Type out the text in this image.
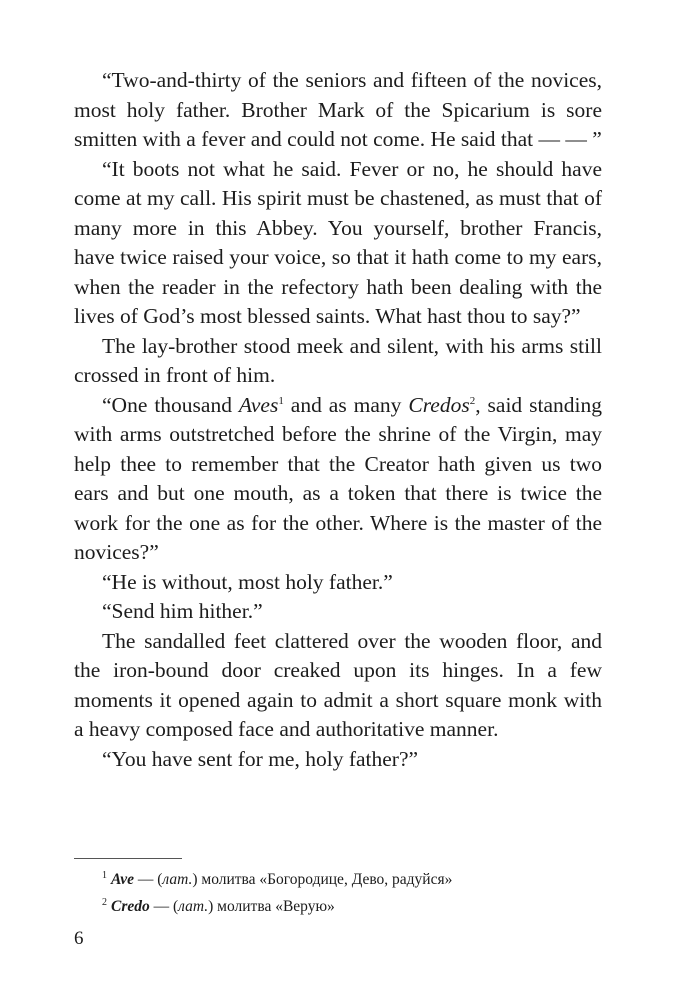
“Two-and-thirty of the seniors and fifteen of the novices, most holy father. Brother Mark of the Spicarium is sore smitten with a fever and could not come. He said that — — ”

“It boots not what he said. Fever or no, he should have come at my call. His spirit must be chastened, as must that of many more in this Abbey. You yourself, brother Francis, have twice raised your voice, so that it hath come to my ears, when the reader in the refectory hath been dealing with the lives of God’s most blessed saints. What hast thou to say?”

The lay-brother stood meek and silent, with his arms still crossed in front of him.

“One thousand Aves$^1$ and as many Credos$^2$, said standing with arms outstretched before the shrine of the Virgin, may help thee to remember that the Creator hath given us two ears and but one mouth, as a token that there is twice the work for the one as for the other. Where is the master of the novices?”

“He is without, most holy father.”

“Send him hither.”

The sandalled feet clattered over the wooden floor, and the iron-bound door creaked upon its hinges. In a few moments it opened again to admit a short square monk with a heavy composed face and authoritative manner.

“You have sent for me, holy father?”

$^1$ Ave — (лат.) молитва «Богородице, Дево, радуйся»

$^2$ Credo — (лат.) молитва «Верую»

6
